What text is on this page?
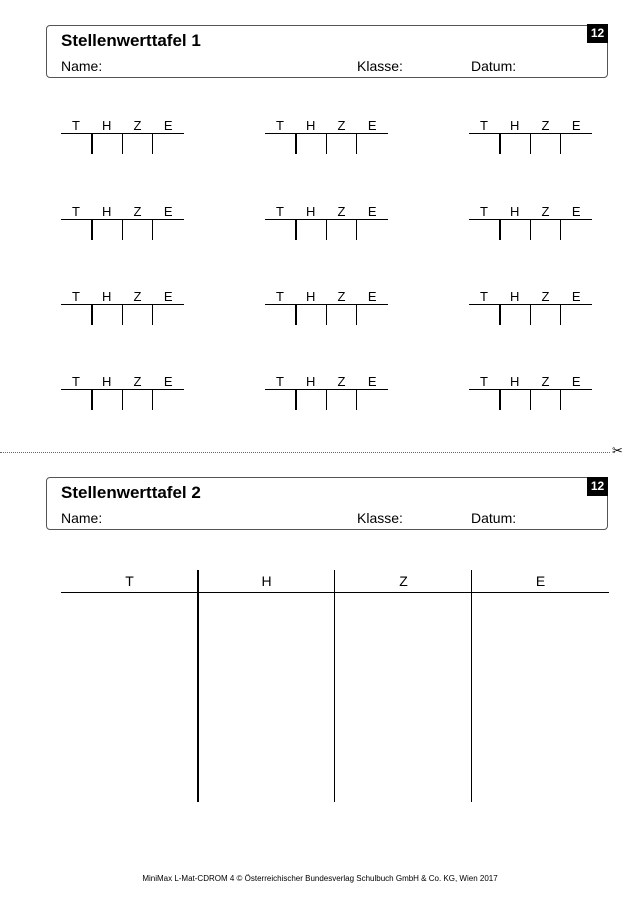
Stellenwerttafel 1
Name:	Klasse:	Datum:
12
T	H	Z	E	T	H	Z	E	T	H	Z	E
T	H	Z	E	T	H	Z	E	T	H	Z	E
T	H	Z	E	T	H	Z	E	T	H	Z	E
T	H	Z	E	T	H	Z	E	T	H	Z	E
✂
Stellenwerttafel 2
Name:	Klasse:	Datum:
12
T	H	Z	E
MiniMax L-Mat-CDROM 4 © Österreichischer Bundesverlag Schulbuch GmbH & Co. KG, Wien 2017
